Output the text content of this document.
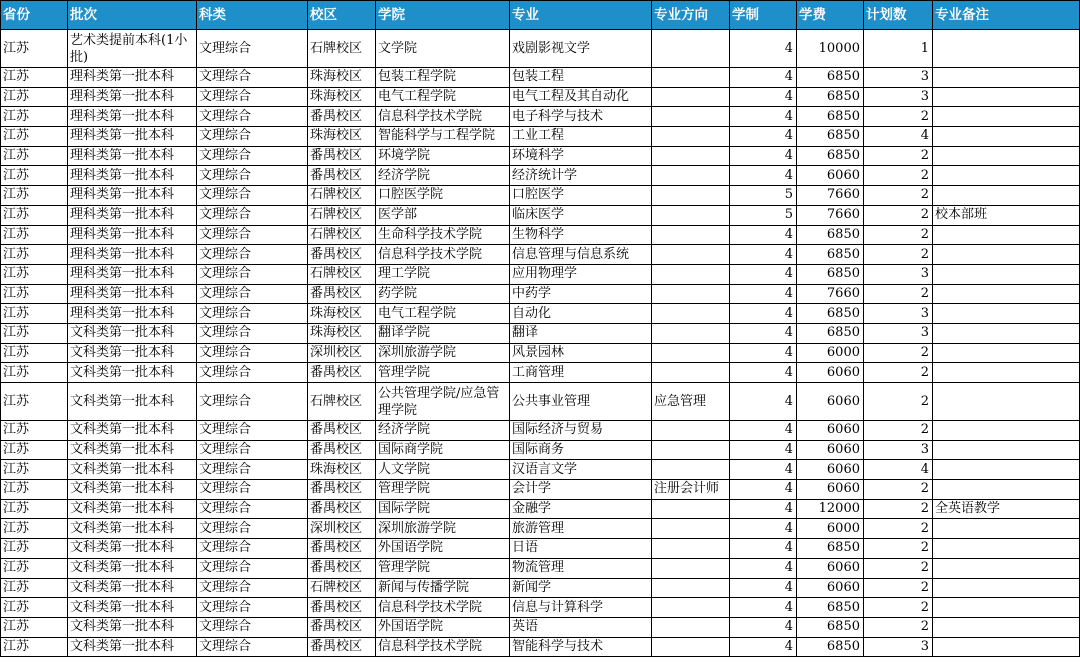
省份	批次	科类	校区	学院	专业	专业方向	学制	学费	计划数	专业备注
江苏	艺术类提前本科(1小批)	文理综合	石牌校区	文学院	戏剧影视文学		4	10000	1	
江苏	理科类第一批本科	文理综合	珠海校区	包装工程学院	包装工程		4	6850	3	
江苏	理科类第一批本科	文理综合	珠海校区	电气工程学院	电气工程及其自动化		4	6850	3	
江苏	理科类第一批本科	文理综合	番禺校区	信息科学技术学院	电子科学与技术		4	6850	2	
江苏	理科类第一批本科	文理综合	珠海校区	智能科学与工程学院	工业工程		4	6850	4	
江苏	理科类第一批本科	文理综合	番禺校区	环境学院	环境科学		4	6850	2	
江苏	理科类第一批本科	文理综合	番禺校区	经济学院	经济统计学		4	6060	2	
江苏	理科类第一批本科	文理综合	石牌校区	口腔医学院	口腔医学		5	7660	2	
江苏	理科类第一批本科	文理综合	石牌校区	医学部	临床医学		5	7660	2	校本部班
江苏	理科类第一批本科	文理综合	石牌校区	生命科学技术学院	生物科学		4	6850	2	
江苏	理科类第一批本科	文理综合	番禺校区	信息科学技术学院	信息管理与信息系统		4	6850	2	
江苏	理科类第一批本科	文理综合	石牌校区	理工学院	应用物理学		4	6850	3	
江苏	理科类第一批本科	文理综合	番禺校区	药学院	中药学		4	7660	2	
江苏	理科类第一批本科	文理综合	珠海校区	电气工程学院	自动化		4	6850	3	
江苏	文科类第一批本科	文理综合	珠海校区	翻译学院	翻译		4	6850	3	
江苏	文科类第一批本科	文理综合	深圳校区	深圳旅游学院	风景园林		4	6000	2	
江苏	文科类第一批本科	文理综合	番禺校区	管理学院	工商管理		4	6060	2	
江苏	文科类第一批本科	文理综合	石牌校区	公共管理学院/应急管理学院	公共事业管理	应急管理	4	6060	2	
江苏	文科类第一批本科	文理综合	番禺校区	经济学院	国际经济与贸易		4	6060	2	
江苏	文科类第一批本科	文理综合	番禺校区	国际商学院	国际商务		4	6060	3	
江苏	文科类第一批本科	文理综合	珠海校区	人文学院	汉语言文学		4	6060	4	
江苏	文科类第一批本科	文理综合	番禺校区	管理学院	会计学	注册会计师	4	6060	2	
江苏	文科类第一批本科	文理综合	番禺校区	国际学院	金融学		4	12000	2	全英语教学
江苏	文科类第一批本科	文理综合	深圳校区	深圳旅游学院	旅游管理		4	6000	2	
江苏	文科类第一批本科	文理综合	番禺校区	外国语学院	日语		4	6850	2	
江苏	文科类第一批本科	文理综合	番禺校区	管理学院	物流管理		4	6060	2	
江苏	文科类第一批本科	文理综合	石牌校区	新闻与传播学院	新闻学		4	6060	2	
江苏	文科类第一批本科	文理综合	番禺校区	信息科学技术学院	信息与计算科学		4	6850	2	
江苏	文科类第一批本科	文理综合	番禺校区	外国语学院	英语		4	6850	2	
江苏	文科类第一批本科	文理综合	番禺校区	信息科学技术学院	智能科学与技术		4	6850	3	
